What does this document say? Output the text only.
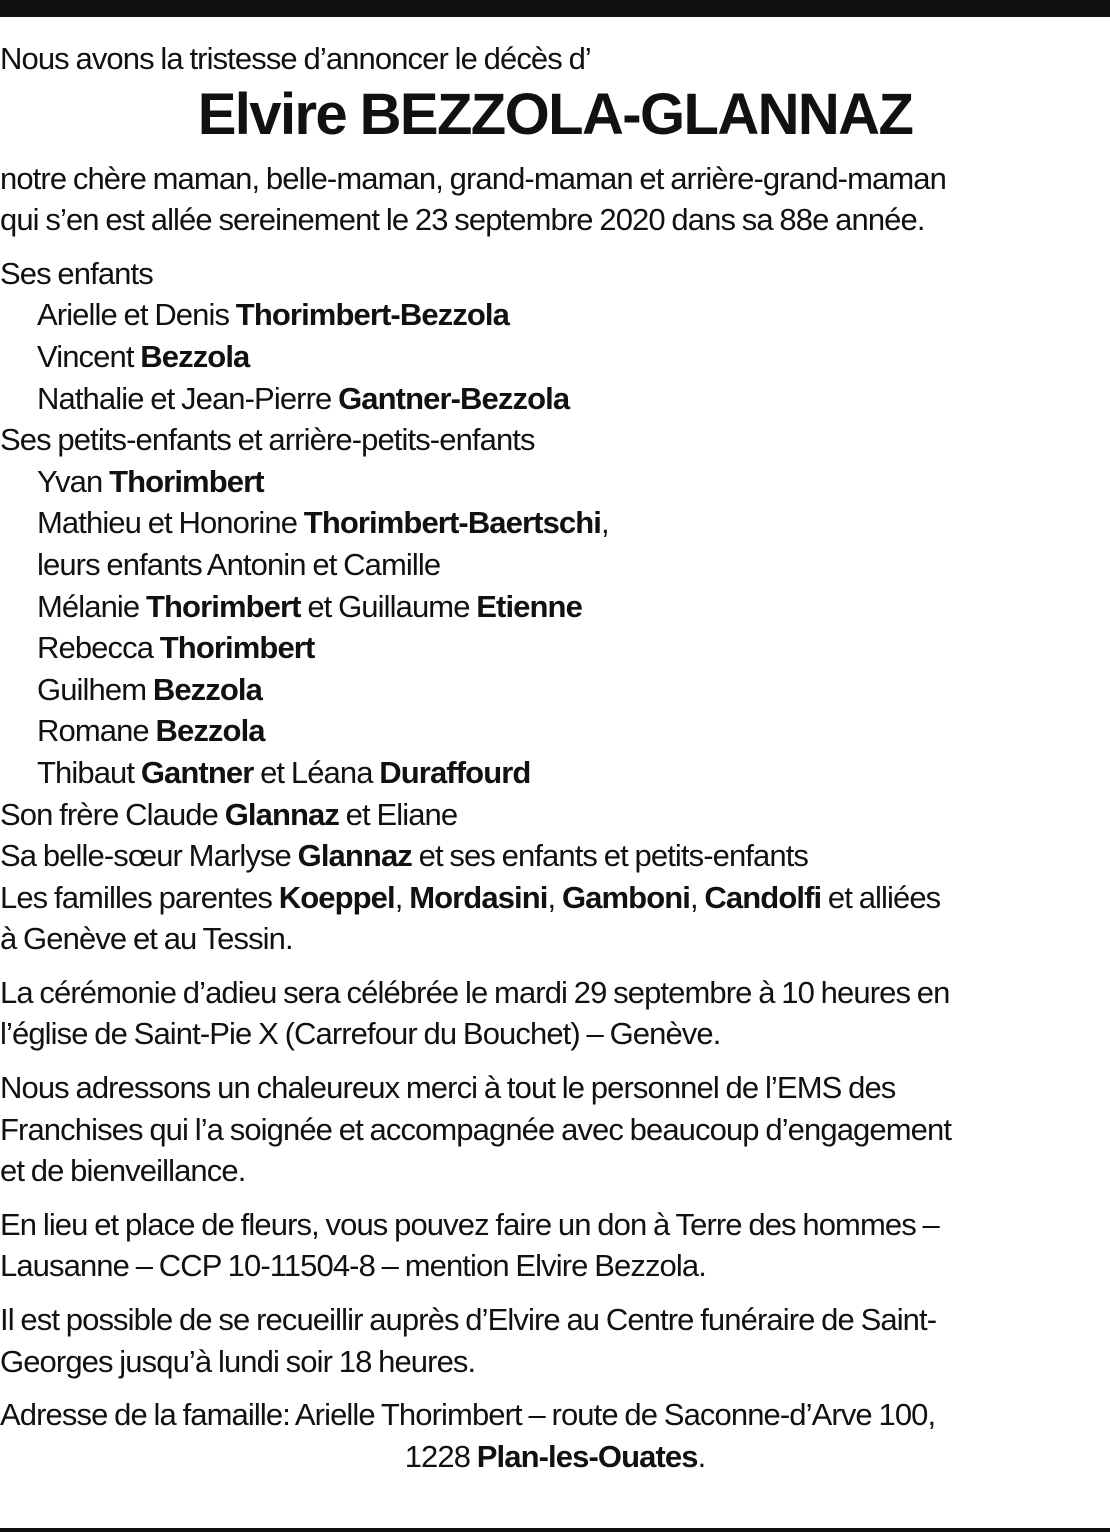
Nous avons la tristesse d’annoncer le décès d’

Elvire BEZZOLA-GLANNAZ

notre chère maman, belle-maman, grand-maman et arrière-grand-maman

qui s’en est allée sereinement le 23 septembre 2020 dans sa 88e année.

Ses enfants

Arielle et Denis Thorimbert-Bezzola

Vincent Bezzola

Nathalie et Jean-Pierre Gantner-Bezzola

Ses petits-enfants et arrière-petits-enfants

Yvan Thorimbert

Mathieu et Honorine Thorimbert-Baertschi,

leurs enfants Antonin et Camille

Mélanie Thorimbert et Guillaume Etienne

Rebecca Thorimbert

Guilhem Bezzola

Romane Bezzola

Thibaut Gantner et Léana Duraffourd

Son frère Claude Glannaz et Eliane

Sa belle-sœur Marlyse Glannaz et ses enfants et petits-enfants

Les familles parentes Koeppel, Mordasini, Gamboni, Candolfi et alliées

à Genève et au Tessin.

La cérémonie d’adieu sera célébrée le mardi 29 septembre à 10 heures en

l’église de Saint-Pie X (Carrefour du Bouchet) – Genève.

Nous adressons un chaleureux merci à tout le personnel de l’EMS des

Franchises qui l’a soignée et accompagnée avec beaucoup d’engagement

et de bienveillance.

En lieu et place de fleurs, vous pouvez faire un don à Terre des hommes –

Lausanne – CCP 10-11504-8 – mention Elvire Bezzola.

Il est possible de se recueillir auprès d’Elvire au Centre funéraire de Saint-

Georges jusqu’à lundi soir 18 heures.

Adresse de la famaille: Arielle Thorimbert – route de Saconne-d’Arve 100,

1228 Plan-les-Ouates.
